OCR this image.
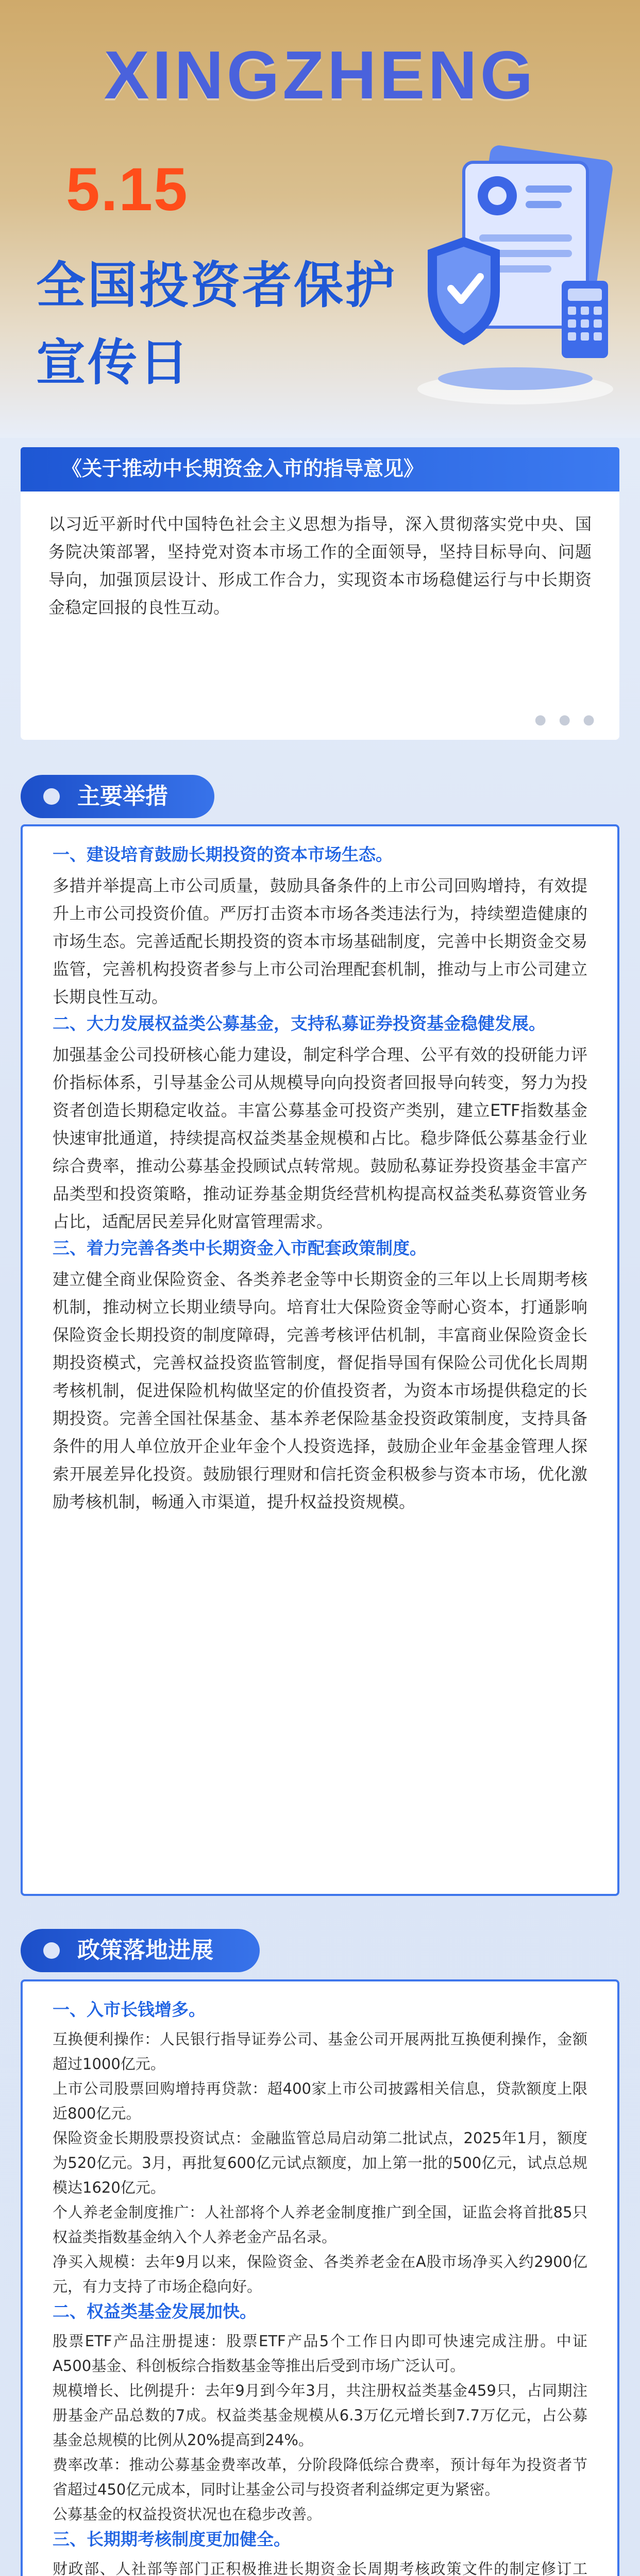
XINGZHENG
5.15
全国投资者保护
宣传日
《关于推动中长期资金入市的指导意见》

以习近平新时代中国特色社会主义思想为指导，深入贯彻落实党中央、国务院决策部署，坚持党对资本市场工作的全面领导，坚持目标导向、问题导向，加强顶层设计、形成工作合力，实现资本市场稳健运行与中长期资金稳定回报的良性互动。

● ● ●
主要举措
一、建设培育鼓励长期投资的资本市场生态。

多措并举提高上市公司质量，鼓励具备条件的上市公司回购增持，有效提升上市公司投资价值。严厉打击资本市场各类违法行为，持续塑造健康的市场生态。完善适配长期投资的资本市场基础制度，完善中长期资金交易监管，完善机构投资者参与上市公司治理配套机制，推动与上市公司建立长期良性互动。

二、大力发展权益类公募基金，支持私募证券投资基金稳健发展。

加强基金公司投研核心能力建设，制定科学合理、公平有效的投研能力评价指标体系，引导基金公司从规模导向向投资者回报导向转变，努力为投资者创造长期稳定收益。丰富公募基金可投资产类别，建立ETF指数基金快速审批通道，持续提高权益类基金规模和占比。稳步降低公募基金行业综合费率，推动公募基金投顾试点转常规。鼓励私募证券投资基金丰富产品类型和投资策略，推动证券基金期货经营机构提高权益类私募资管业务占比，适配居民差异化财富管理需求。

三、着力完善各类中长期资金入市配套政策制度。

建立健全商业保险资金、各类养老金等中长期资金的三年以上长周期考核机制，推动树立长期业绩导向。培育壮大保险资金等耐心资本，打通影响保险资金长期投资的制度障碍，完善考核评估机制，丰富商业保险资金长期投资模式，完善权益投资监管制度，督促指导国有保险公司优化长周期考核机制，促进保险机构做坚定的价值投资者，为资本市场提供稳定的长期投资。完善全国社保基金、基本养老保险基金投资政策制度，支持具备条件的用人单位放开企业年金个人投资选择，鼓励企业年金基金管理人探索开展差异化投资。鼓励银行理财和信托资金积极参与资本市场，优化激励考核机制，畅通入市渠道，提升权益投资规模。

政策落地进展
一、入市长钱增多。

互换便利操作：人民银行指导证券公司、基金公司开展两批互换便利操作，金额超过1000亿元。

上市公司股票回购增持再贷款：超400家上市公司披露相关信息，贷款额度上限近800亿元。

保险资金长期股票投资试点：金融监管总局启动第二批试点，2025年1月，额度为520亿元。3月，再批复600亿元试点额度，加上第一批的500亿元，试点总规模达1620亿元。

个人养老金制度推广：人社部将个人养老金制度推广到全国，证监会将首批85只权益类指数基金纳入个人养老金产品名录。

净买入规模：去年9月以来，保险资金、各类养老金在A股市场净买入约2900亿元，有力支持了市场企稳向好。

二、权益类基金发展加快。

股票ETF产品注册提速：股票ETF产品5个工作日内即可快速完成注册。中证A500基金、科创板综合指数基金等推出后受到市场广泛认可。

规模增长、比例提升：去年9月到今年3月，共注册权益类基金459只，占同期注册基金产品总数的7成。权益类基金规模从6.3万亿元增长到7.7万亿元，占公募基金总规模的比例从20%提高到24%。

费率改革：推动公募基金费率改革，分阶段降低综合费率，预计每年为投资者节省超过450亿元成本，同时让基金公司与投资者利益绑定更为紧密。

公募基金的权益投资状况也在稳步改善。

三、长期期考核制度更加健全。

财政部、人社部等部门正积极推进长期资金长周期考核政策文件的制定修订工
